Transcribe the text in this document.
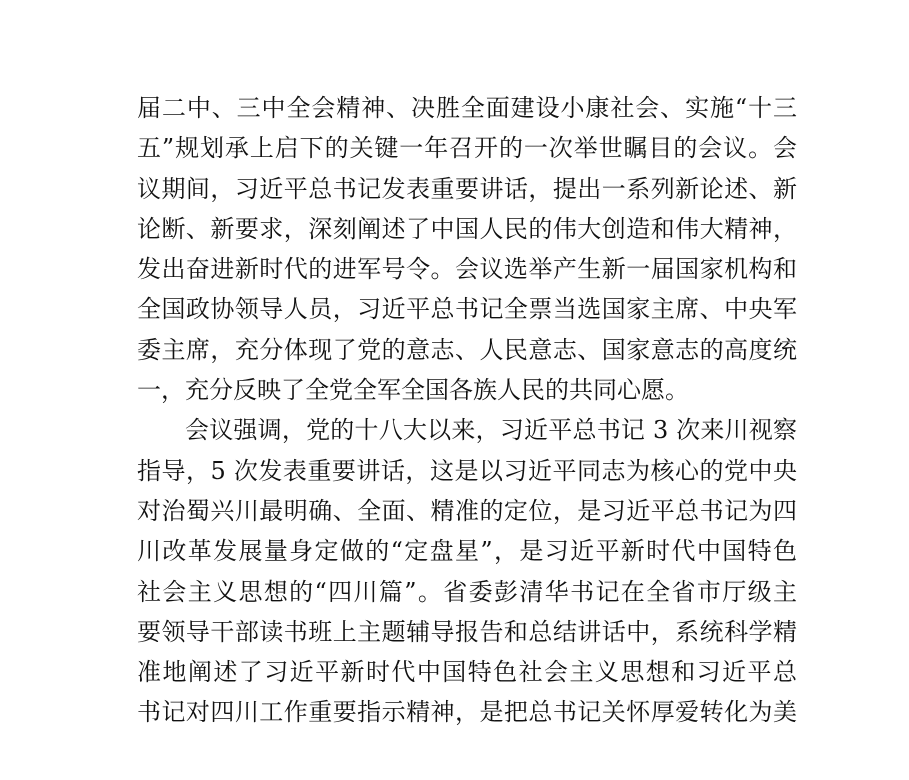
届二中、三中全会精神、决胜全面建设小康社会、实施“十三
五”规划承上启下的关键一年召开的一次举世瞩目的会议。会
议期间，习近平总书记发表重要讲话，提出一系列新论述、新
论断、新要求，深刻阐述了中国人民的伟大创造和伟大精神，
发出奋进新时代的进军号令。会议选举产生新一届国家机构和
全国政协领导人员，习近平总书记全票当选国家主席、中央军
委主席，充分体现了党的意志、人民意志、国家意志的高度统
一，充分反映了全党全军全国各族人民的共同心愿。
会议强调，党的十八大以来，习近平总书记 3 次来川视察
指导，5 次发表重要讲话，这是以习近平同志为核心的党中央
对治蜀兴川最明确、全面、精准的定位，是习近平总书记为四
川改革发展量身定做的“定盘星”，是习近平新时代中国特色
社会主义思想的“四川篇”。省委彭清华书记在全省市厅级主
要领导干部读书班上主题辅导报告和总结讲话中，系统科学精
准地阐述了习近平新时代中国特色社会主义思想和习近平总
书记对四川工作重要指示精神，是把总书记关怀厚爱转化为美
